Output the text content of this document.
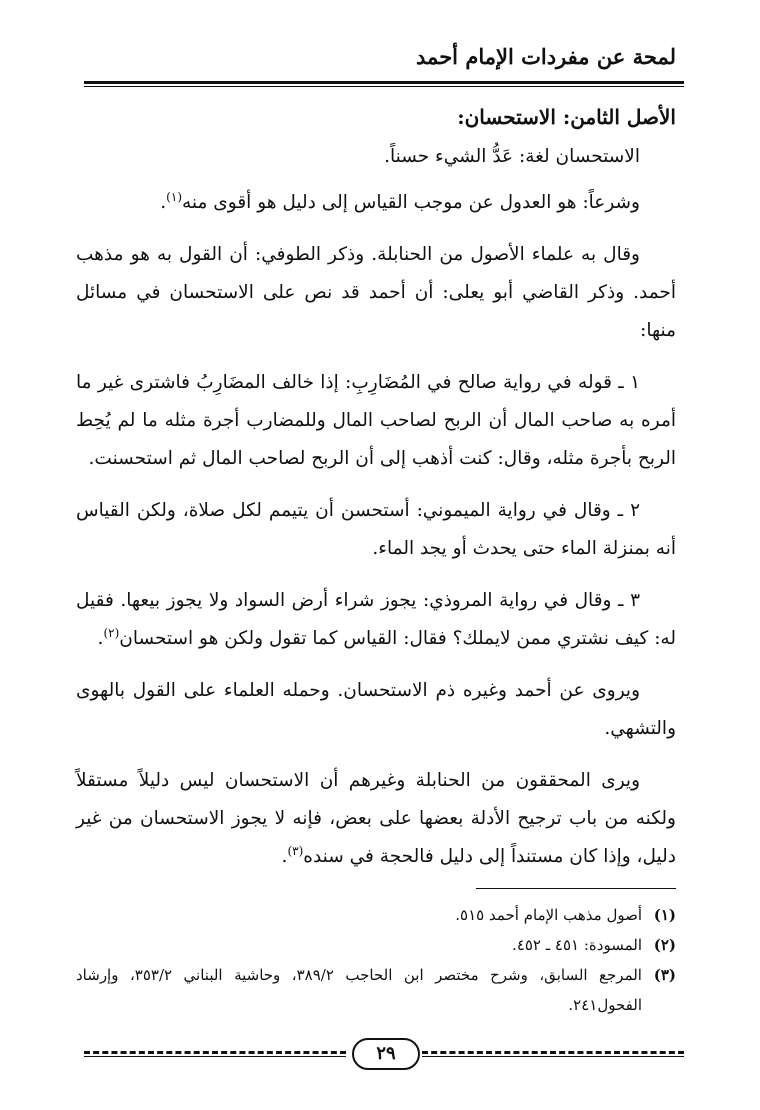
لمحة عن مفردات الإمام أحمد
الأصل الثامن: الاستحسان:

الاستحسان لغة: عَدُّ الشيء حسناً.

وشرعاً: هو العدول عن موجب القياس إلى دليل هو أقوى منه$^{(١)}$.

وقال به علماء الأصول من الحنابلة. وذكر الطوفي: أن القول به هو مذهب أحمد. وذكر القاضي أبو يعلى: أن أحمد قد نص على الاستحسان في مسائل منها:

١ ـ قوله في رواية صالح في المُضَارِبِ: إذا خالف المضَارِبُ فاشترى غير ما أمره به صاحب المال أن الربح لصاحب المال وللمضارب أجرة مثله ما لم يُحِط الربح بأجرة مثله، وقال: كنت أذهب إلى أن الربح لصاحب المال ثم استحسنت.

٢ ـ وقال في رواية الميموني: أستحسن أن يتيمم لكل صلاة، ولكن القياس أنه بمنزلة الماء حتى يحدث أو يجد الماء.

٣ ـ وقال في رواية المروذي: يجوز شراء أرض السواد ولا يجوز بيعها. فقيل له: كيف نشتري ممن لايملك؟ فقال: القياس كما تقول ولكن هو استحسان$^{(٢)}$.

ويروى عن أحمد وغيره ذم الاستحسان. وحمله العلماء على القول بالهوى والتشهي.

ويرى المحققون من الحنابلة وغيرهم أن الاستحسان ليس دليلاً مستقلاً ولكنه من باب ترجيح الأدلة بعضها على بعض، فإنه لا يجوز الاستحسان من غير دليل، وإذا كان مستنداً إلى دليل فالحجة في سنده$^{(٣)}$.

(١)
أصول مذهب الإمام أحمد ٥١٥.

(٢)
المسودة: ٤٥١ ـ ٤٥٢.

(٣)
المرجع السابق، وشرح مختصر ابن الحاجب ٣٨٩/٢، وحاشية البناني ٣٥٣/٢، وإرشاد الفحول٢٤١.

٢٩
